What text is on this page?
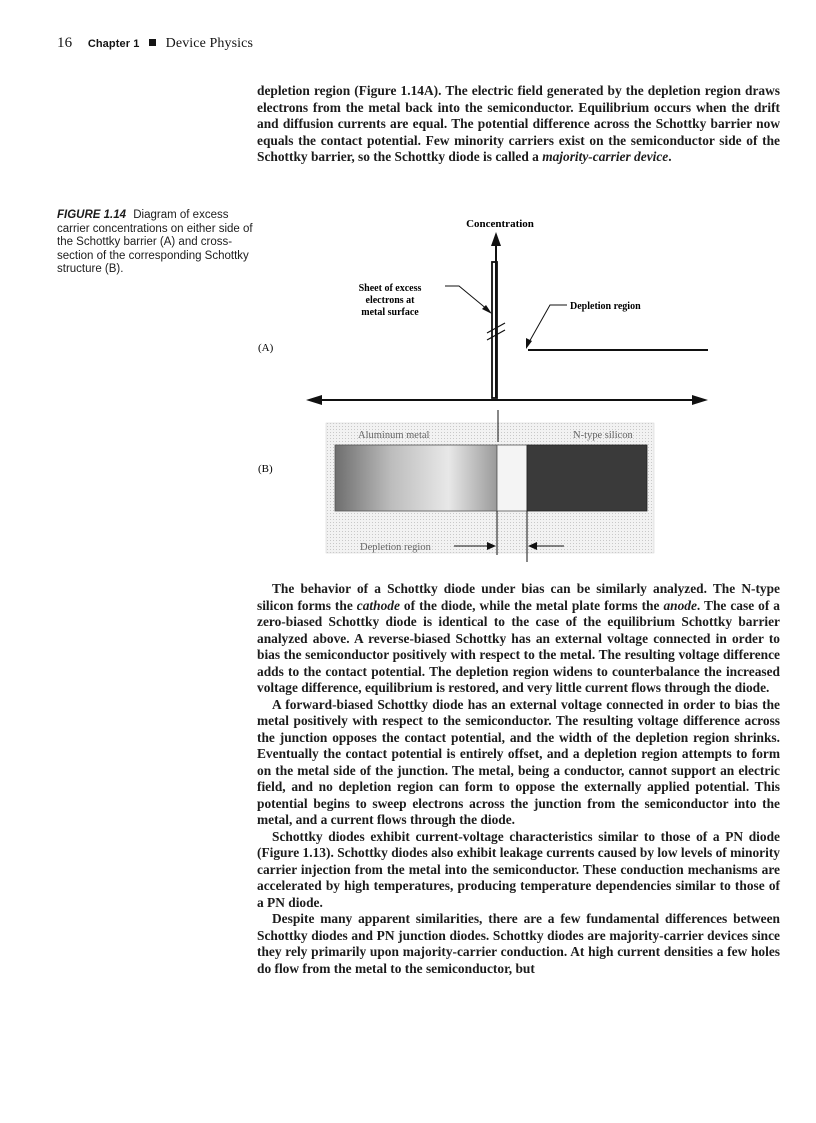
16 Chapter 1 Device Physics

depletion region (Figure 1.14A). The electric field generated by the depletion region draws electrons from the metal back into the semiconductor. Equilibrium occurs when the drift and diffusion currents are equal. The potential difference across the Schottky barrier now equals the contact potential. Few minority carriers exist on the semiconductor side of the Schottky barrier, so the Schottky diode is called a majority-carrier device.

FIGURE 1.14 Diagram of excess carrier concentrations on either side of the Schottky barrier (A) and cross-section of the corresponding Schottky structure (B).
Concentration
Sheet of excess
electrons at
metal surface
Depletion region
(A)
Aluminum metal	N-type silicon
(B)
Depletion region

The behavior of a Schottky diode under bias can be similarly analyzed. The N-type silicon forms the cathode of the diode, while the metal plate forms the anode. The case of a zero-biased Schottky diode is identical to the case of the equilibrium Schottky barrier analyzed above. A reverse-biased Schottky has an external voltage connected in order to bias the semiconductor positively with respect to the metal. The resulting voltage difference adds to the contact potential. The depletion region widens to counterbalance the increased voltage difference, equilibrium is restored, and very little current flows through the diode.

A forward-biased Schottky diode has an external voltage connected in order to bias the metal positively with respect to the semiconductor. The resulting voltage difference across the junction opposes the contact potential, and the width of the depletion region shrinks. Eventually the contact potential is entirely offset, and a depletion region attempts to form on the metal side of the junction. The metal, being a conductor, cannot support an electric field, and no depletion region can form to oppose the externally applied potential. This potential begins to sweep electrons across the junction from the semiconductor into the metal, and a current flows through the diode.

Schottky diodes exhibit current-voltage characteristics similar to those of a PN diode (Figure 1.13). Schottky diodes also exhibit leakage currents caused by low levels of minority carrier injection from the metal into the semiconductor. These conduction mechanisms are accelerated by high temperatures, producing temperature dependencies similar to those of a PN diode.

Despite many apparent similarities, there are a few fundamental differences between Schottky diodes and PN junction diodes. Schottky diodes are majority-carrier devices since they rely primarily upon majority-carrier conduction. At high current densities a few holes do flow from the metal to the semiconductor, but
